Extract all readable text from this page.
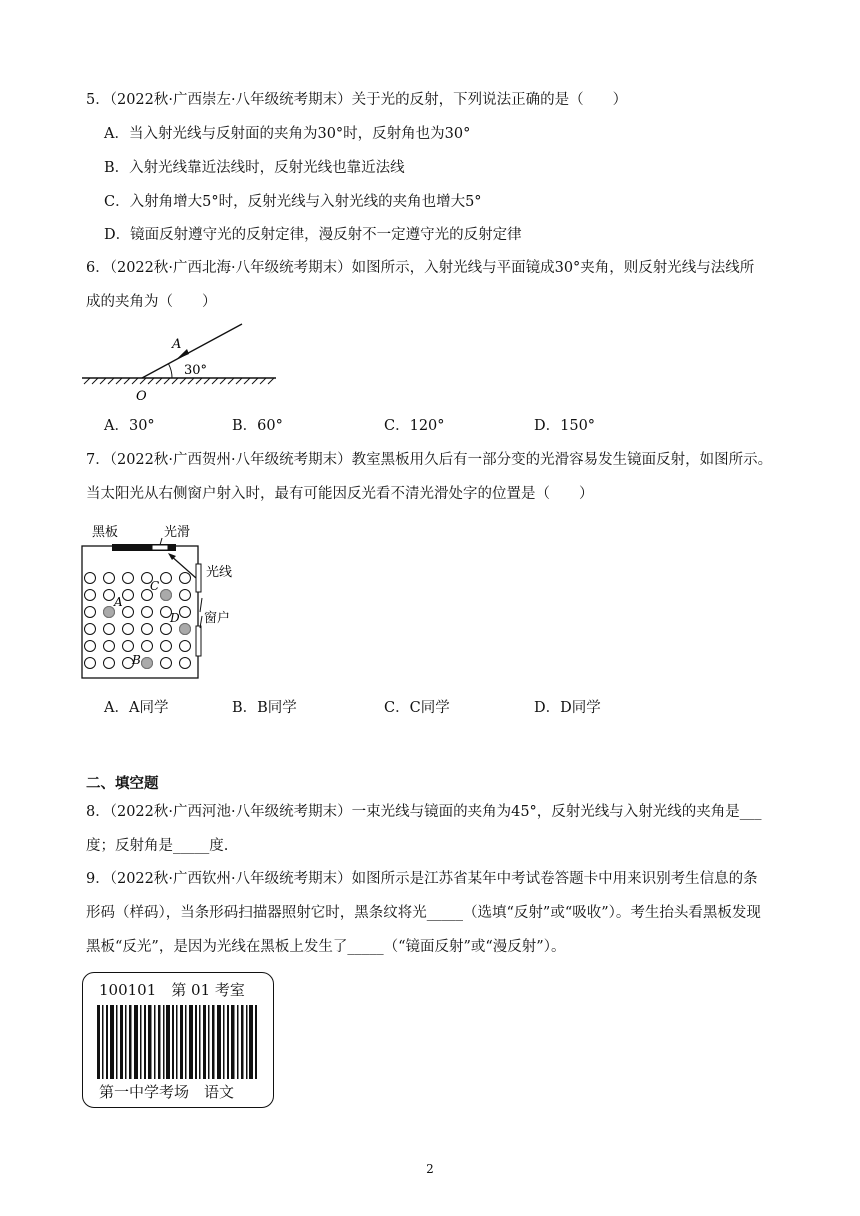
5．（2022秋·广西崇左·八年级统考期末）关于光的反射，下列说法正确的是（　　）
A．当入射光线与反射面的夹角为30°时，反射角也为30°
B．入射光线靠近法线时，反射光线也靠近法线
C．入射角增大5°时，反射光线与入射光线的夹角也增大5°
D．镜面反射遵守光的反射定律，漫反射不一定遵守光的反射定律
6．（2022秋·广西北海·八年级统考期末）如图所示，入射光线与平面镜成30°夹角，则反射光线与法线所
成的夹角为（　　）
A
30°
O
A．30°	B．60°	C．120°	D．150°
7．（2022秋·广西贺州·八年级统考期末）教室黑板用久后有一部分变的光滑容易发生镜面反射，如图所示。
当太阳光从右侧窗户射入时，最有可能因反光看不清光滑处字的位置是（　　）
黑板	光滑
光线
窗户
A
B
C
D
A．A同学	B．B同学	C．C同学	D．D同学
二、填空题
8．（2022秋·广西河池·八年级统考期末）一束光线与镜面的夹角为45°，反射光线与入射光线的夹角是___
度；反射角是_____度.
9．（2022秋·广西钦州·八年级统考期末）如图所示是江苏省某年中考试卷答题卡中用来识别考生信息的条
形码（样码），当条形码扫描器照射它时，黑条纹将光_____（选填“反射”或“吸收”）。考生抬头看黑板发现
黑板“反光”，是因为光线在黑板上发生了_____（“镜面反射”或“漫反射”）。
100101　第 01 考室
第一中学考场　语文
2
